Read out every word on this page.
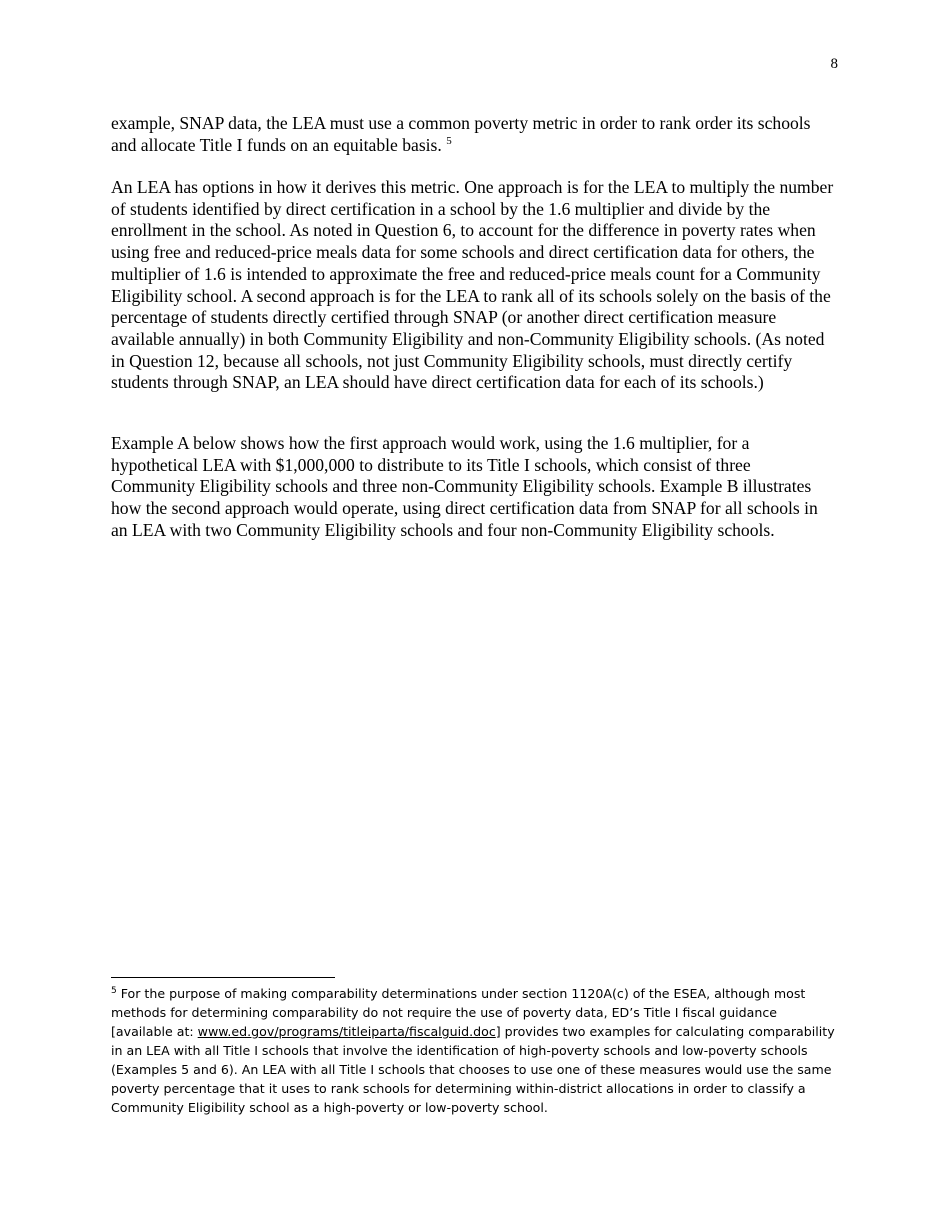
8

example, SNAP data, the LEA must use a common poverty metric in order to rank order its schools and allocate Title I funds on an equitable basis. $^5$

An LEA has options in how it derives this metric. One approach is for the LEA to multiply the number of students identified by direct certification in a school by the 1.6 multiplier and divide by the enrollment in the school. As noted in Question 6, to account for the difference in poverty rates when using free and reduced-price meals data for some schools and direct certification data for others, the multiplier of 1.6 is intended to approximate the free and reduced-price meals count for a Community Eligibility school. A second approach is for the LEA to rank all of its schools solely on the basis of the percentage of students directly certified through SNAP (or another direct certification measure available annually) in both Community Eligibility and non-Community Eligibility schools. (As noted in Question 12, because all schools, not just Community Eligibility schools, must directly certify students through SNAP, an LEA should have direct certification data for each of its schools.)

Example A below shows how the first approach would work, using the 1.6 multiplier, for a hypothetical LEA with $1,000,000 to distribute to its Title I schools, which consist of three Community Eligibility schools and three non-Community Eligibility schools. Example B illustrates how the second approach would operate, using direct certification data from SNAP for all schools in an LEA with two Community Eligibility schools and four non-Community Eligibility schools.

$^5$ For the purpose of making comparability determinations under section 1120A(c) of the ESEA, although most methods for determining comparability do not require the use of poverty data, ED’s Title I fiscal guidance [available at: www.ed.gov/programs/titleiparta/fiscalguid.doc] provides two examples for calculating comparability in an LEA with all Title I schools that involve the identification of high-poverty schools and low-poverty schools (Examples 5 and 6). An LEA with all Title I schools that chooses to use one of these measures would use the same poverty percentage that it uses to rank schools for determining within-district allocations in order to classify a Community Eligibility school as a high-poverty or low-poverty school.
